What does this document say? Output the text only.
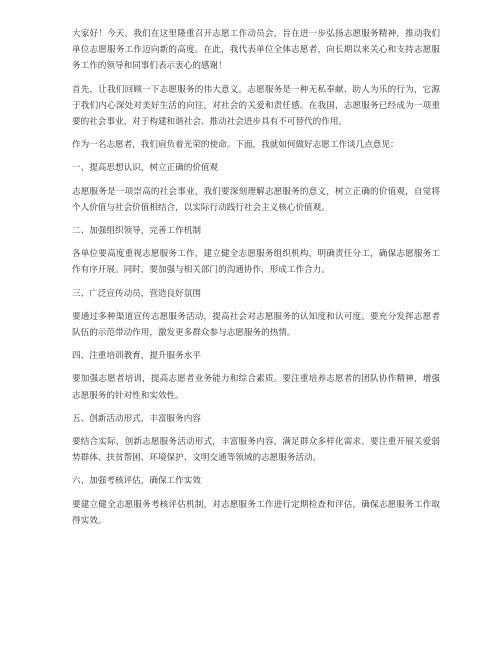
大家好！今天，我们在这里隆重召开志愿工作动员会，旨在进一步弘扬志愿服务精神，推动我们单位志愿服务工作迈向新的高度。在此，我代表单位全体志愿者，向长期以来关心和支持志愿服务工作的领导和同事们表示衷心的感谢！

首先，让我们回顾一下志愿服务的伟大意义。志愿服务是一种无私奉献、助人为乐的行为，它源于我们内心深处对美好生活的向往，对社会的关爱和责任感。在我国，志愿服务已经成为一项重要的社会事业，对于构建和谐社会、推动社会进步具有不可替代的作用。

作为一名志愿者，我们肩负着光荣的使命。下面，我就如何做好志愿工作谈几点意见：

一、提高思想认识，树立正确的价值观

志愿服务是一项崇高的社会事业，我们要深刻理解志愿服务的意义，树立正确的价值观，自觉将个人价值与社会价值相结合，以实际行动践行社会主义核心价值观。

二、加强组织领导，完善工作机制

各单位要高度重视志愿服务工作，建立健全志愿服务组织机构，明确责任分工，确保志愿服务工作有序开展。同时，要加强与相关部门的沟通协作，形成工作合力。

三、广泛宣传动员，营造良好氛围

要通过多种渠道宣传志愿服务活动，提高社会对志愿服务的认知度和认可度。要充分发挥志愿者队伍的示范带动作用，激发更多群众参与志愿服务的热情。

四、注重培训教育，提升服务水平

要加强志愿者培训，提高志愿者业务能力和综合素质。要注重培养志愿者的团队协作精神，增强志愿服务的针对性和实效性。

五、创新活动形式，丰富服务内容

要结合实际，创新志愿服务活动形式，丰富服务内容，满足群众多样化需求。要注重开展关爱弱势群体、扶贫帮困、环境保护、文明交通等领域的志愿服务活动。

六、加强考核评估，确保工作实效

要建立健全志愿服务考核评估机制，对志愿服务工作进行定期检查和评估，确保志愿服务工作取得实效。
